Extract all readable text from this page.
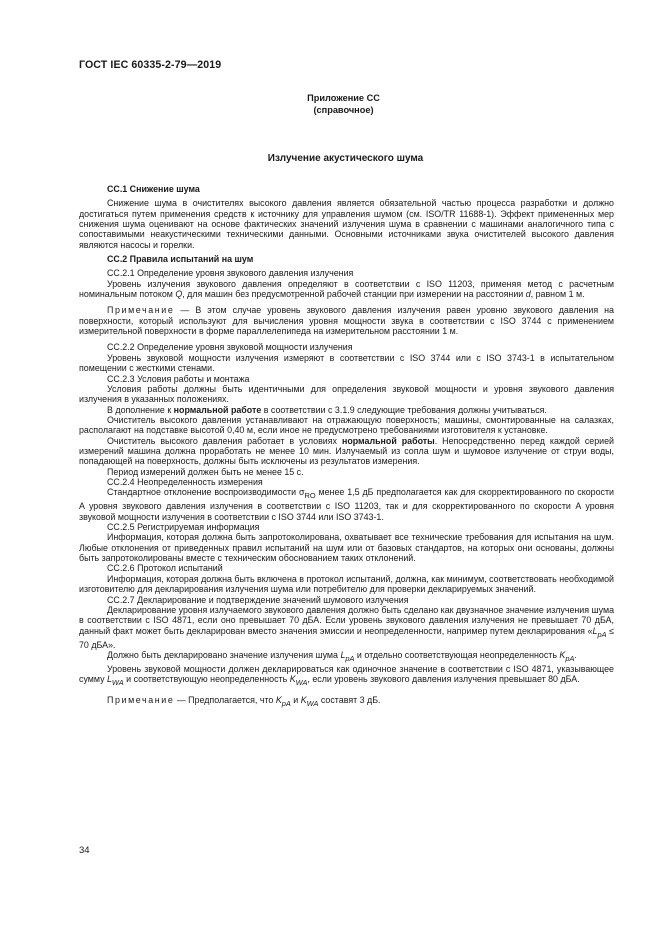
ГОСТ IEC 60335-2-79—2019
Приложение СС
(справочное)
Излучение акустического шума

СС.1 Снижение шума

Снижение шума в очистителях высокого давления является обязательной частью процесса разработки и должно достигаться путем применения средств к источнику для управления шумом (см. ISO/TR 11688-1). Эффект примененных мер снижения шума оценивают на основе фактических значений излучения шума в сравнении с машинами аналогичного типа с сопоставимыми неакустическими техническими данными. Основными источниками звука очистителей высокого давления являются насосы и горелки.

СС.2 Правила испытаний на шум

СС.2.1 Определение уровня звукового давления излучения

Уровень излучения звукового давления определяют в соответствии с ISO 11203, применяя метод с расчетным номинальным потоком Q, для машин без предусмотренной рабочей станции при измерении на расстоянии d, равном 1 м.

Примечание — В этом случае уровень звукового давления излучения равен уровню звукового давления на поверхности, который используют для вычисления уровня мощности звука в соответствии с ISO 3744 с применением измерительной поверхности в форме параллелепипеда на измерительном расстоянии 1 м.

СС.2.2 Определение уровня звуковой мощности излучения

Уровень звуковой мощности излучения измеряют в соответствии с ISO 3744 или с ISO 3743-1 в испытательном помещении с жесткими стенами.

СС.2.3 Условия работы и монтажа

Условия работы должны быть идентичными для определения звуковой мощности и уровня звукового давления излучения в указанных положениях.

В дополнение к нормальной работе в соответствии с 3.1.9 следующие требования должны учитываться.

Очиститель высокого давления устанавливают на отражающую поверхность; машины, смонтированные на салазках, располагают на подставке высотой 0,40 м, если иное не предусмотрено требованиями изготовителя к установке.

Очиститель высокого давления работает в условиях нормальной работы. Непосредственно перед каждой серией измерений машина должна проработать не менее 10 мин. Излучаемый из сопла шум и шумовое излучение от струи воды, попадающей на поверхность, должны быть исключены из результатов измерения.

Период измерений должен быть не менее 15 с.

СС.2.4 Неопределенность измерения

Стандартное отклонение воспроизводимости $\sigma_{RO}$ менее 1,5 дБ предполагается как для скорректированного по скорости A уровня звукового давления излучения в соответствии с ISO 11203, так и для скорректированного по скорости A уровня звуковой мощности излучения в соответствии с ISO 3744 или ISO 3743-1.

СС.2.5 Регистрируемая информация

Информация, которая должна быть запротоколирована, охватывает все технические требования для испытания на шум. Любые отклонения от приведенных правил испытаний на шум или от базовых стандартов, на которых они основаны, должны быть запротоколированы вместе с техническим обоснованием таких отклонений.

СС.2.6 Протокол испытаний

Информация, которая должна быть включена в протокол испытаний, должна, как минимум, соответствовать необходимой изготовителю для декларирования излучения шума или потребителю для проверки декларируемых значений.

СС.2.7 Декларирование и подтверждение значений шумового излучения

Декларирование уровня излучаемого звукового давления должно быть сделано как двузначное значение излучения шума в соответствии с ISO 4871, если оно превышает 70 дБА. Если уровень звукового давления излучения не превышает 70 дБА, данный факт может быть декларирован вместо значения эмиссии и неопределенности, например путем декларирования «$L_{pA} \le 70$ дБА».

Должно быть декларировано значение излучения шума $L_{pA}$ и отдельно соответствующая неопределенность $K_{pA}$.

Уровень звуковой мощности должен декларироваться как одиночное значение в соответствии с ISO 4871, указывающее сумму $L_{WA}$ и соответствующую неопределенность $K_{WA}$, если уровень звукового давления излучения превышает 80 дБА.

Примечание — Предполагается, что $K_{pA}$ и $K_{WA}$ составят 3 дБ.

34
